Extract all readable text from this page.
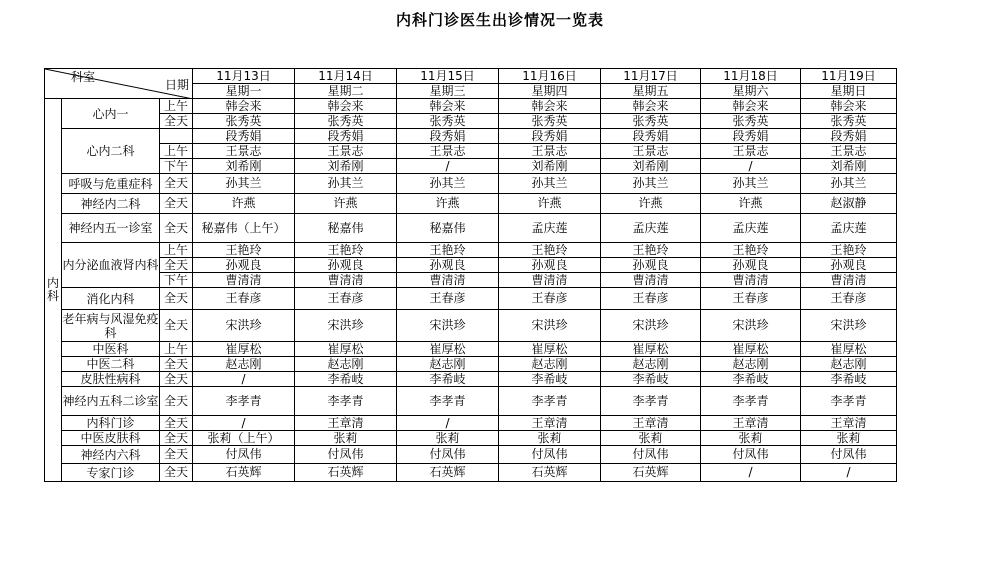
内科门诊医生出诊情况一览表
科室
日期			11月13日	11月14日	11月15日	11月16日	11月17日	11月18日	11月19日
			星期一	星期二	星期三	星期四	星期五	星期六	星期日

内
科	心内一	上午	韩会来	韩会来	韩会来	韩会来	韩会来	韩会来	韩会来
		全天	张秀英	张秀英	张秀英	张秀英	张秀英	张秀英	张秀英
	心内二科		段秀娟	段秀娟	段秀娟	段秀娟	段秀娟	段秀娟	段秀娟
		上午	王景志	王景志	王景志	王景志	王景志	王景志	王景志
		下午	刘希刚	刘希刚	/	刘希刚	刘希刚	/	刘希刚
	呼吸与危重症科	全天	孙其兰	孙其兰	孙其兰	孙其兰	孙其兰	孙其兰	孙其兰
	神经内二科	全天	许燕	许燕	许燕	许燕	许燕	许燕	赵淑静
	神经内五一诊室	全天	秘嘉伟（上午）	秘嘉伟	秘嘉伟	孟庆莲	孟庆莲	孟庆莲	孟庆莲
	内分泌血液肾内科	上午	王艳玲	王艳玲	王艳玲	王艳玲	王艳玲	王艳玲	王艳玲
		全天	孙观良	孙观良	孙观良	孙观良	孙观良	孙观良	孙观良
		下午	曹清清	曹清清	曹清清	曹清清	曹清清	曹清清	曹清清
	消化内科	全天	王春彦	王春彦	王春彦	王春彦	王春彦	王春彦	王春彦
	老年病与风湿免疫科	全天	宋洪珍	宋洪珍	宋洪珍	宋洪珍	宋洪珍	宋洪珍	宋洪珍
	中医科	上午	崔厚松	崔厚松	崔厚松	崔厚松	崔厚松	崔厚松	崔厚松
	中医二科	全天	赵志刚	赵志刚	赵志刚	赵志刚	赵志刚	赵志刚	赵志刚
	皮肤性病科	全天	/	李希岐	李希岐	李希岐	李希岐	李希岐	李希岐
	神经内五科二诊室	全天	李孝青	李孝青	李孝青	李孝青	李孝青	李孝青	李孝青
	内科门诊	全天	/	王章清	/	王章清	王章清	王章清	王章清
	中医皮肤科	全天	张莉（上午）	张莉	张莉	张莉	张莉	张莉	张莉
	神经内六科	全天	付凤伟	付凤伟	付凤伟	付凤伟	付凤伟	付凤伟	付凤伟
	专家门诊	全天	石英辉	石英辉	石英辉	石英辉	石英辉	/	/
